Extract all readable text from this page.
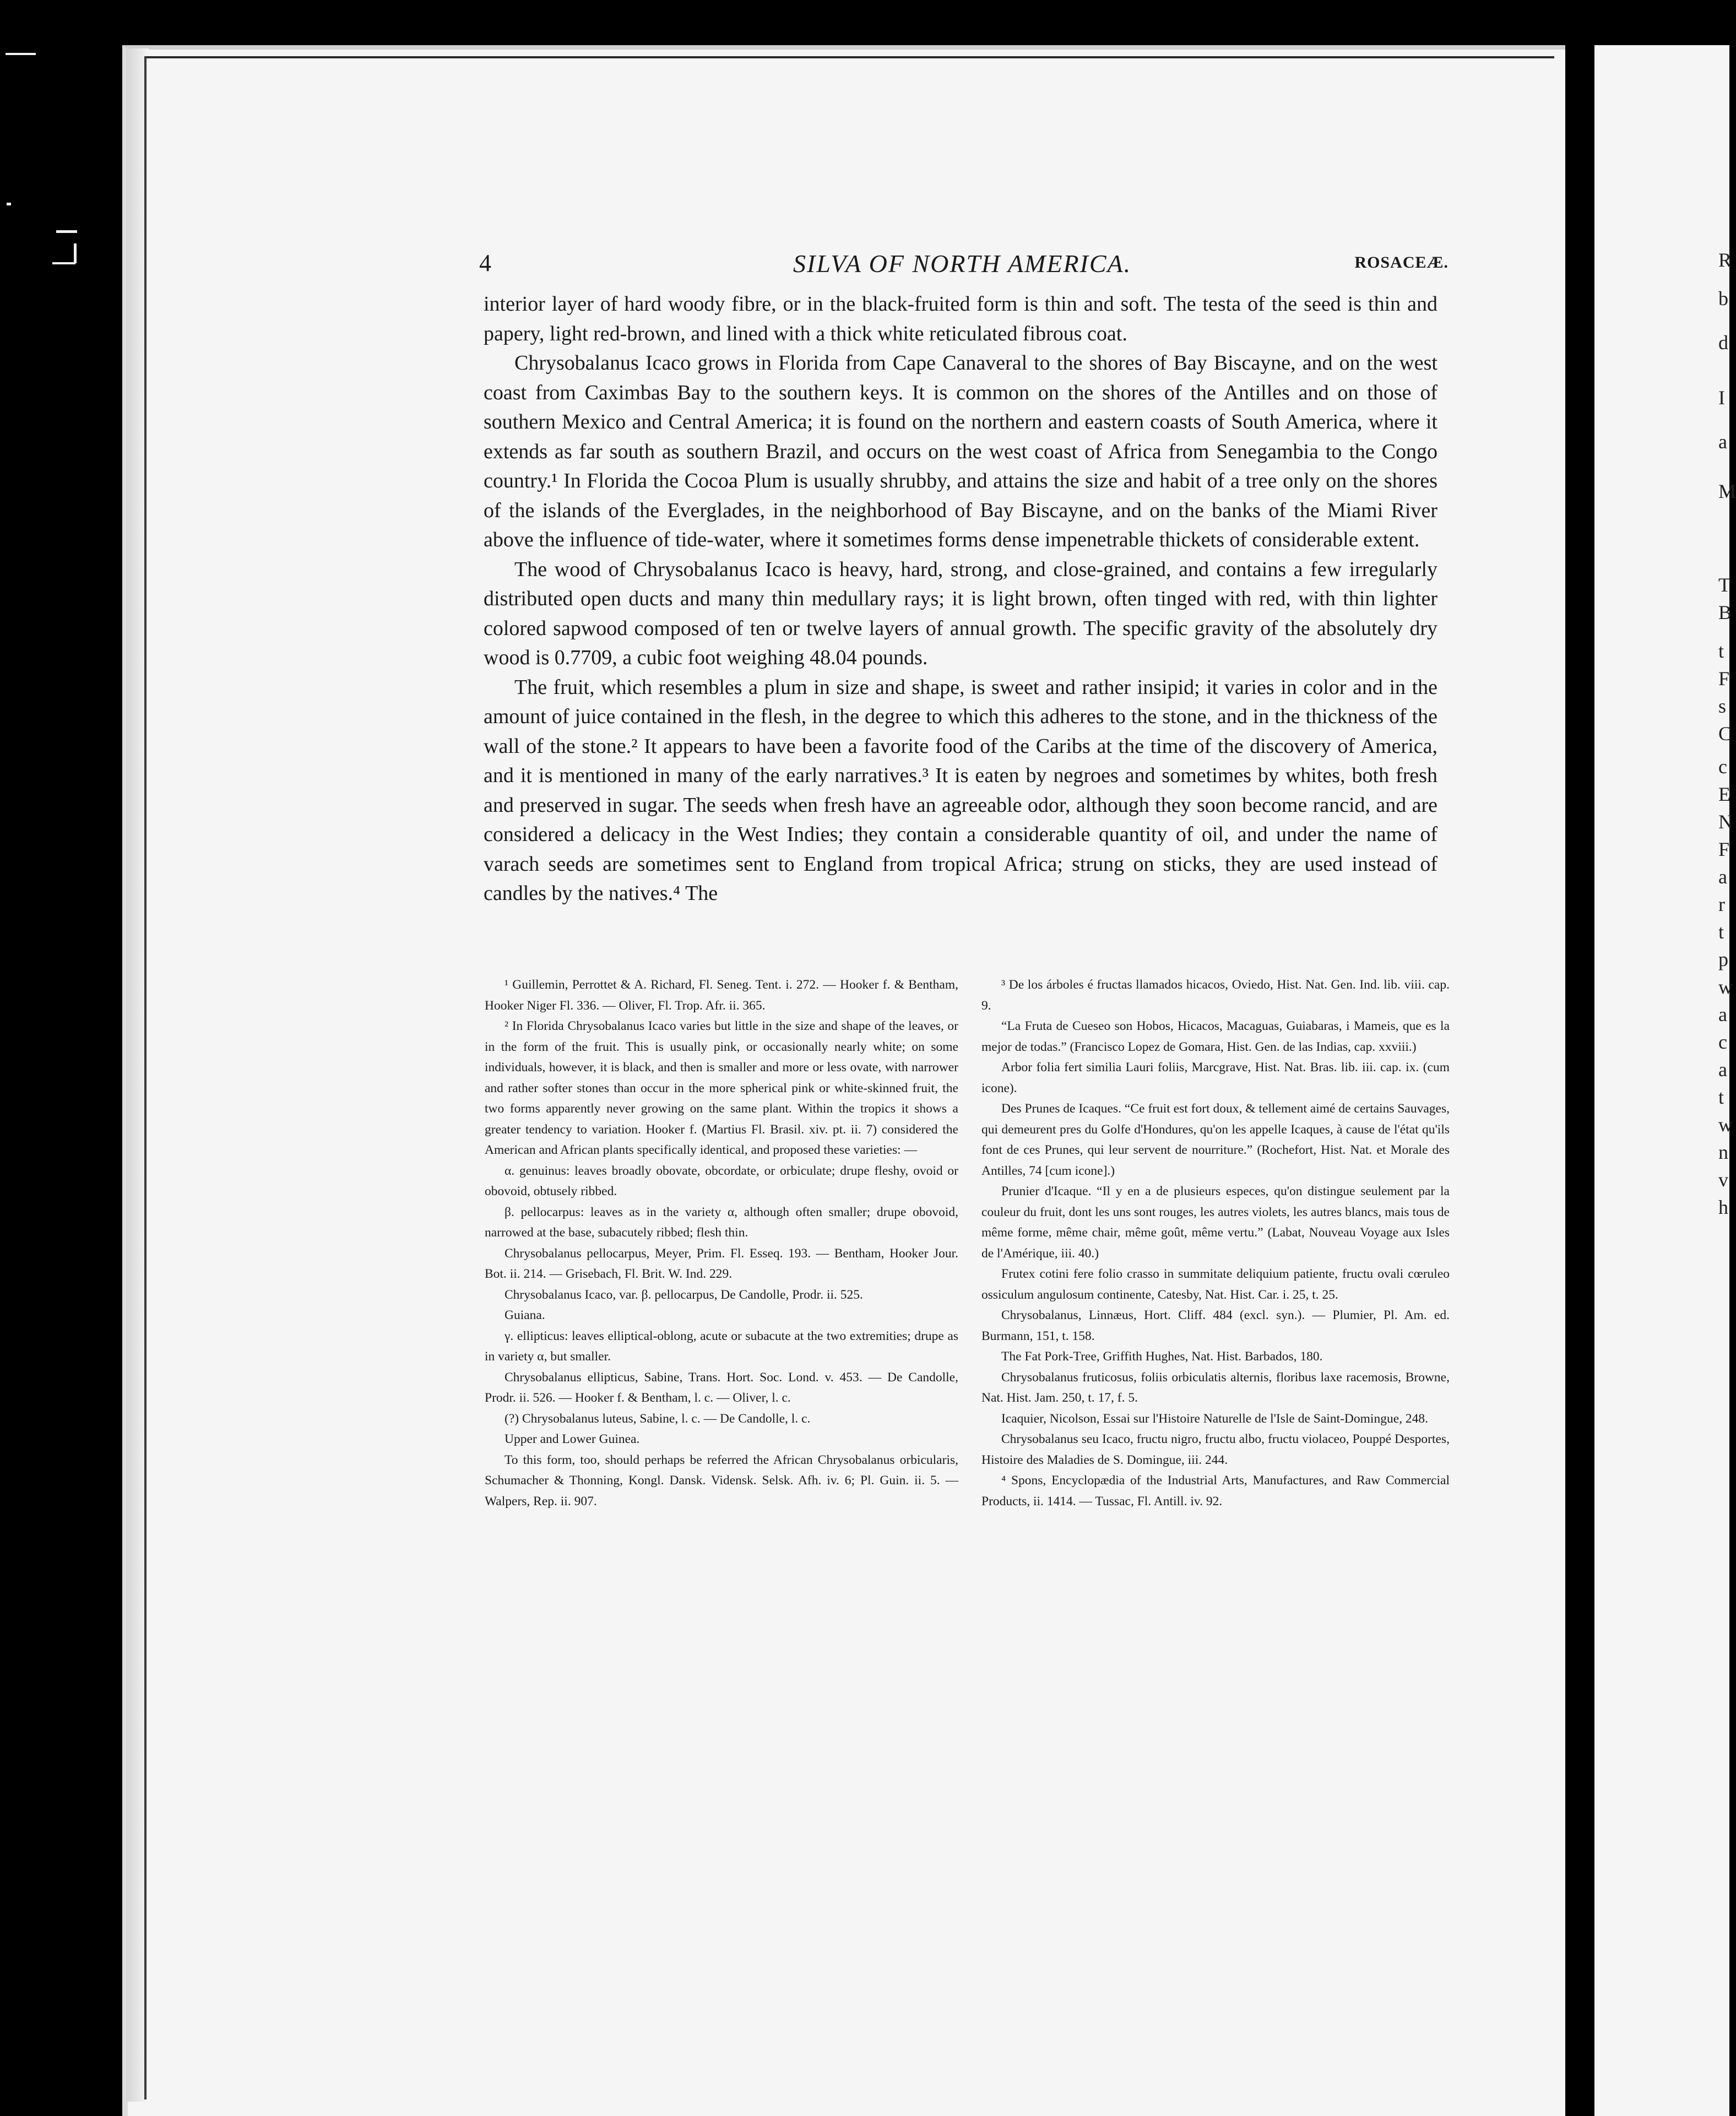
R
b
d
I
a
M
T
B
t
F
s
C
c
E
N
F
a
r
t
p
w
a
c
a
t
w
n
v
h
4	SILVA OF NORTH AMERICA.	ROSACEÆ.

interior layer of hard woody fibre, or in the black-fruited form is thin and soft. The testa of the seed is thin and papery, light red-brown, and lined with a thick white reticulated fibrous coat.

Chrysobalanus Icaco grows in Florida from Cape Canaveral to the shores of Bay Biscayne, and on the west coast from Caximbas Bay to the southern keys. It is common on the shores of the Antilles and on those of southern Mexico and Central America; it is found on the northern and eastern coasts of South America, where it extends as far south as southern Brazil, and occurs on the west coast of Africa from Senegambia to the Congo country.¹ In Florida the Cocoa Plum is usually shrubby, and attains the size and habit of a tree only on the shores of the islands of the Everglades, in the neighborhood of Bay Biscayne, and on the banks of the Miami River above the influence of tide-water, where it sometimes forms dense impenetrable thickets of considerable extent.

The wood of Chrysobalanus Icaco is heavy, hard, strong, and close-grained, and contains a few irregularly distributed open ducts and many thin medullary rays; it is light brown, often tinged with red, with thin lighter colored sapwood composed of ten or twelve layers of annual growth. The specific gravity of the absolutely dry wood is 0.7709, a cubic foot weighing 48.04 pounds.

The fruit, which resembles a plum in size and shape, is sweet and rather insipid; it varies in color and in the amount of juice contained in the flesh, in the degree to which this adheres to the stone, and in the thickness of the wall of the stone.² It appears to have been a favorite food of the Caribs at the time of the discovery of America, and it is mentioned in many of the early narratives.³ It is eaten by negroes and sometimes by whites, both fresh and preserved in sugar. The seeds when fresh have an agreeable odor, although they soon become rancid, and are considered a delicacy in the West Indies; they contain a considerable quantity of oil, and under the name of varach seeds are sometimes sent to England from tropical Africa; strung on sticks, they are used instead of candles by the natives.⁴ The

¹ Guillemin, Perrottet & A. Richard, Fl. Seneg. Tent. i. 272. — Hooker f. & Bentham, Hooker Niger Fl. 336. — Oliver, Fl. Trop. Afr. ii. 365.

² In Florida Chrysobalanus Icaco varies but little in the size and shape of the leaves, or in the form of the fruit. This is usually pink, or occasionally nearly white; on some individuals, however, it is black, and then is smaller and more or less ovate, with narrower and rather softer stones than occur in the more spherical pink or white-skinned fruit, the two forms apparently never growing on the same plant. Within the tropics it shows a greater tendency to variation. Hooker f. (Martius Fl. Brasil. xiv. pt. ii. 7) considered the American and African plants specifically identical, and proposed these varieties: —

α. genuinus: leaves broadly obovate, obcordate, or orbiculate; drupe fleshy, ovoid or obovoid, obtusely ribbed.

β. pellocarpus: leaves as in the variety α, although often smaller; drupe obovoid, narrowed at the base, subacutely ribbed; flesh thin.

Chrysobalanus pellocarpus, Meyer, Prim. Fl. Esseq. 193. — Bentham, Hooker Jour. Bot. ii. 214. — Grisebach, Fl. Brit. W. Ind. 229.

Chrysobalanus Icaco, var. β. pellocarpus, De Candolle, Prodr. ii. 525.

Guiana.

γ. ellipticus: leaves elliptical-oblong, acute or subacute at the two extremities; drupe as in variety α, but smaller.

Chrysobalanus ellipticus, Sabine, Trans. Hort. Soc. Lond. v. 453. — De Candolle, Prodr. ii. 526. — Hooker f. & Bentham, l. c. — Oliver, l. c.

(?) Chrysobalanus luteus, Sabine, l. c. — De Candolle, l. c.

Upper and Lower Guinea.

To this form, too, should perhaps be referred the African Chrysobalanus orbicularis, Schumacher & Thonning, Kongl. Dansk. Vidensk. Selsk. Afh. iv. 6; Pl. Guin. ii. 5. — Walpers, Rep. ii. 907.

³ De los árboles é fructas llamados hicacos, Oviedo, Hist. Nat. Gen. Ind. lib. viii. cap. 9.

“La Fruta de Cueseo son Hobos, Hicacos, Macaguas, Guiabaras, i Mameis, que es la mejor de todas.” (Francisco Lopez de Gomara, Hist. Gen. de las Indias, cap. xxviii.)

Arbor folia fert similia Lauri foliis, Marcgrave, Hist. Nat. Bras. lib. iii. cap. ix. (cum icone).

Des Prunes de Icaques. “Ce fruit est fort doux, & tellement aimé de certains Sauvages, qui demeurent pres du Golfe d'Hondures, qu'on les appelle Icaques, à cause de l'état qu'ils font de ces Prunes, qui leur servent de nourriture.” (Rochefort, Hist. Nat. et Morale des Antilles, 74 [cum icone].)

Prunier d'Icaque. “Il y en a de plusieurs especes, qu'on distingue seulement par la couleur du fruit, dont les uns sont rouges, les autres violets, les autres blancs, mais tous de même forme, même chair, même goût, même vertu.” (Labat, Nouveau Voyage aux Isles de l'Amérique, iii. 40.)

Frutex cotini fere folio crasso in summitate deliquium patiente, fructu ovali cœruleo ossiculum angulosum continente, Catesby, Nat. Hist. Car. i. 25, t. 25.

Chrysobalanus, Linnæus, Hort. Cliff. 484 (excl. syn.). — Plumier, Pl. Am. ed. Burmann, 151, t. 158.

The Fat Pork-Tree, Griffith Hughes, Nat. Hist. Barbados, 180.

Chrysobalanus fruticosus, foliis orbiculatis alternis, floribus laxe racemosis, Browne, Nat. Hist. Jam. 250, t. 17, f. 5.

Icaquier, Nicolson, Essai sur l'Histoire Naturelle de l'Isle de Saint-Domingue, 248.

Chrysobalanus seu Icaco, fructu nigro, fructu albo, fructu violaceo, Pouppé Desportes, Histoire des Maladies de S. Domingue, iii. 244.

⁴ Spons, Encyclopædia of the Industrial Arts, Manufactures, and Raw Commercial Products, ii. 1414. — Tussac, Fl. Antill. iv. 92.
